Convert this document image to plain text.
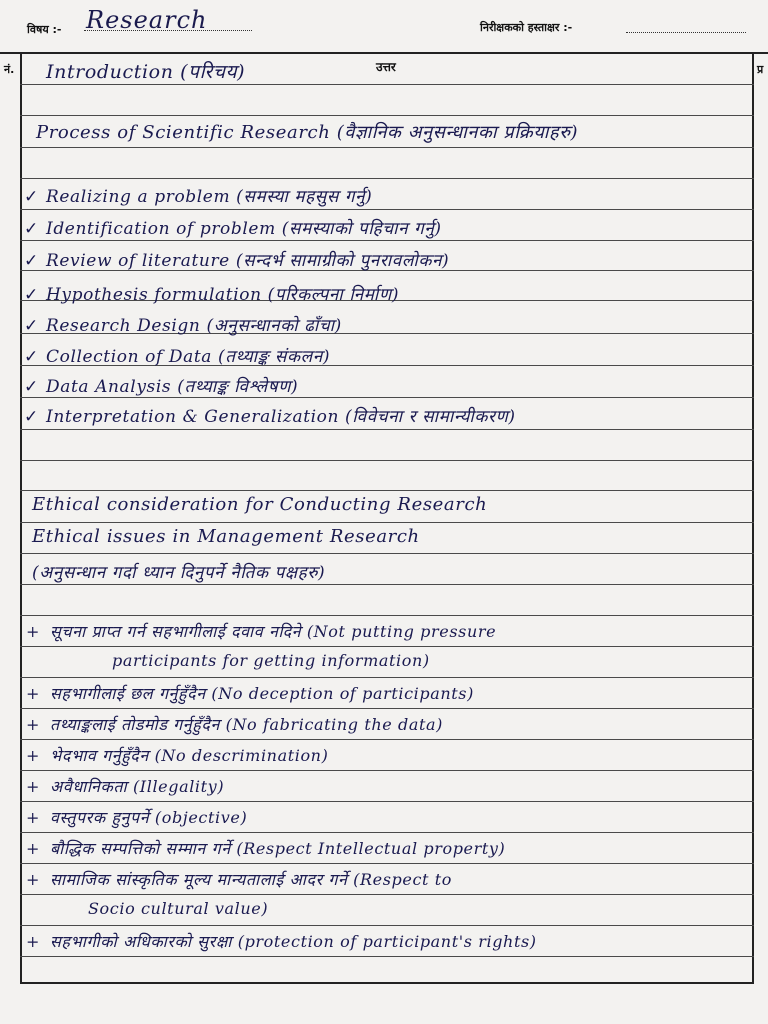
विषय :- Research	निरीक्षकको हस्ताक्षर :-
नं.	उत्तर	प्र
Introduction (परिचय)
Process of Scientific Research (वैज्ञानिक अनुसन्धानका प्रक्रियाहरु)
✓ Realizing a problem (समस्या महसुस गर्नु)
✓ Identification of problem (समस्याको पहिचान गर्नु)
✓ Review of literature (सन्दर्भ सामाग्रीको पुनरावलोकन)
✓ Hypothesis formulation (परिकल्पना निर्माण)
✓ Research Design (अनुसन्धानको ढाँचा)
✓ Collection of Data (तथ्याङ्क संकलन)
✓ Data Analysis (तथ्याङ्क विश्लेषण)
✓ Interpretation & Generalization (विवेचना र सामान्यीकरण)
Ethical consideration for Conducting Research
Ethical issues in Management Research
(अनुसन्धान गर्दा ध्यान दिनुपर्ने नैतिक पक्षहरु)
+ सूचना प्राप्त गर्न सहभागीलाई दवाव नदिने (Not putting pressure
participants for getting information)
+ सहभागीलाई छल गर्नुहुँदैन (No deception of participants)
+ तथ्याङ्कलाई तोडमोड गर्नुहुँदैन (No fabricating the data)
+ भेदभाव गर्नुहुँदैन (No descrimination)
+ अवैधानिकता (Illegality)
+ वस्तुपरक हुनुपर्ने (objective)
+ बौद्धिक सम्पत्तिको सम्मान गर्ने (Respect Intellectual property)
+ सामाजिक सांस्कृतिक मूल्य मान्यतालाई आदर गर्ने (Respect to
Socio cultural value)
+ सहभागीको अधिकारको सुरक्षा (protection of participant's rights)
